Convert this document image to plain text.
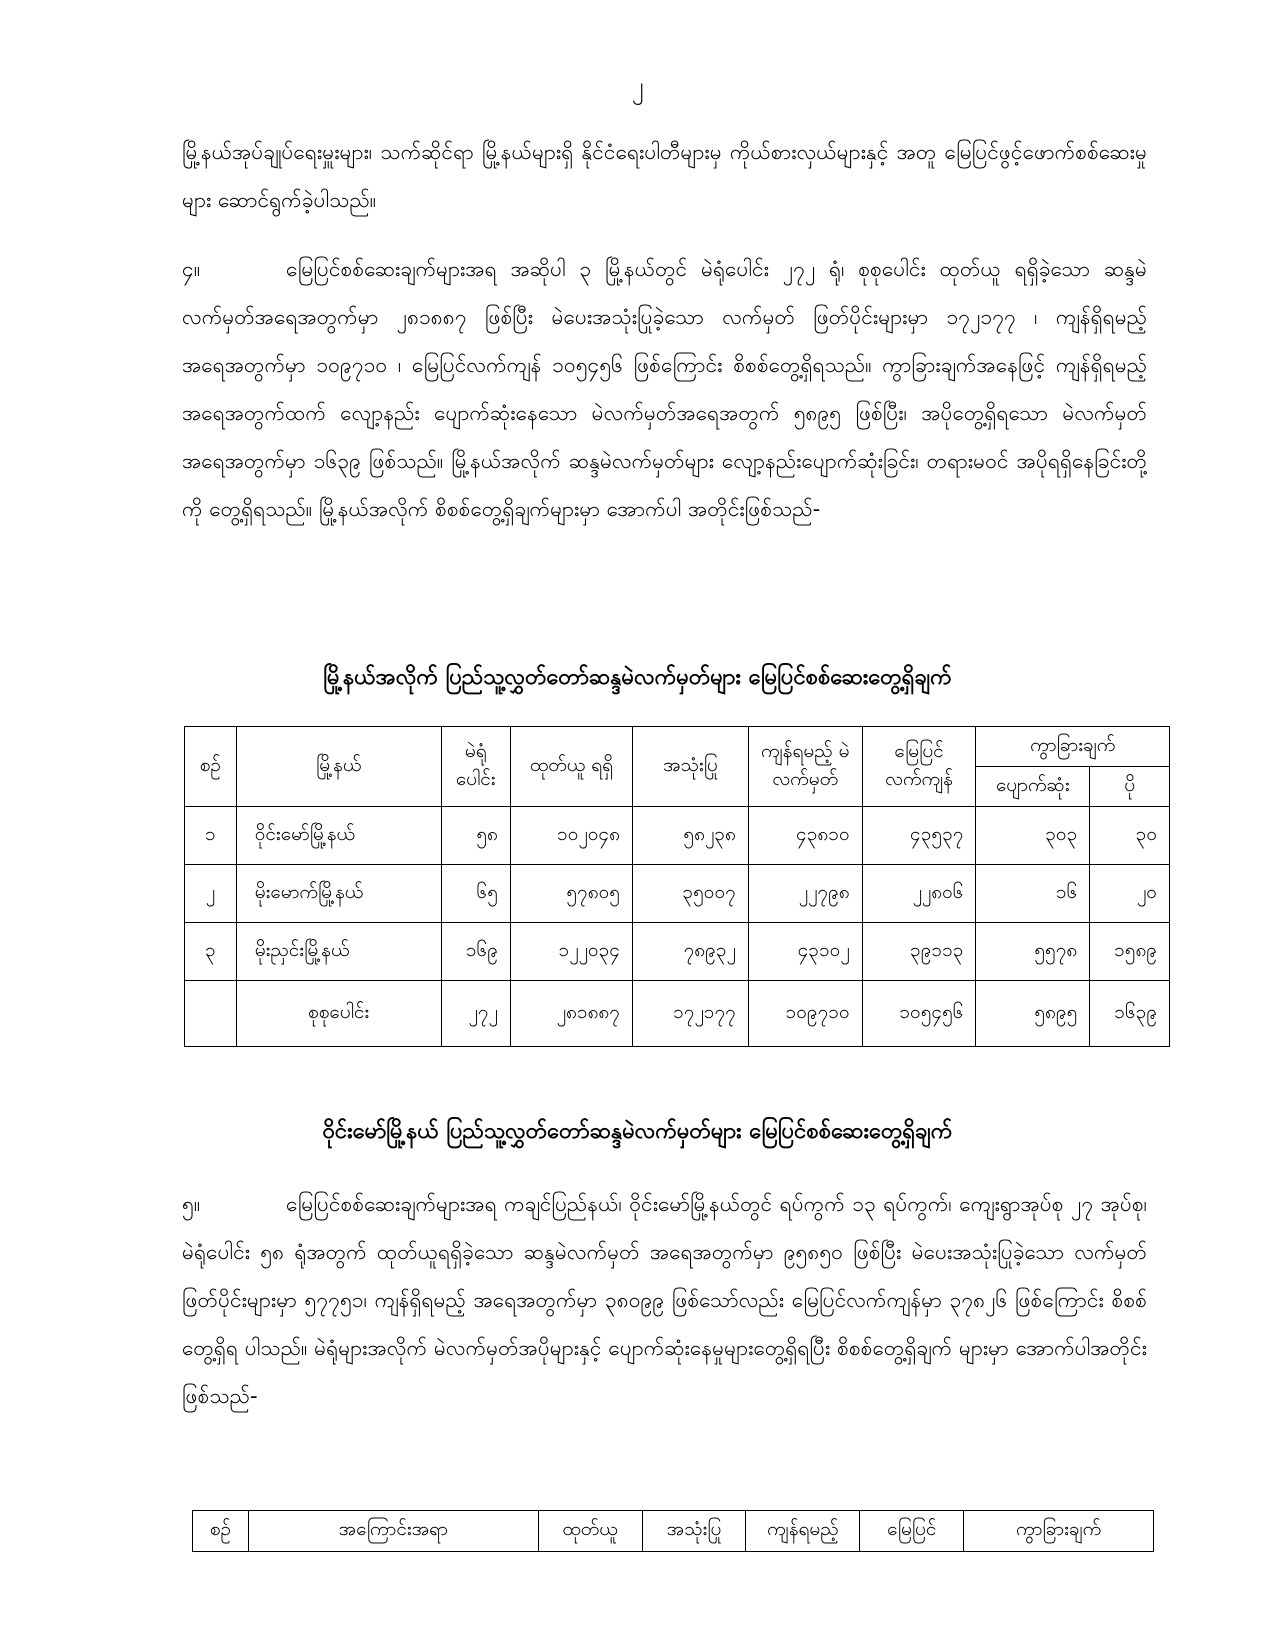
၂
မြို့နယ်အုပ်ချုပ်ရေးမှူးများ၊ သက်ဆိုင်ရာ မြို့နယ်များရှိ နိုင်ငံရေးပါတီများမှ ကိုယ်စားလှယ်များနှင့် အတူ မြေပြင်ဖွင့်ဖောက်စစ်ဆေးမှုများ ဆောင်ရွက်ခဲ့ပါသည်။
၄။	မြေပြင်စစ်ဆေးချက်များအရ အဆိုပါ ၃ မြို့နယ်တွင် မဲရုံပေါင်း ၂၇၂ ရုံ၊ စုစုပေါင်း ထုတ်ယူ ရရှိခဲ့သော ဆန္ဒမဲလက်မှတ်အရေအတွက်မှာ ၂၈၁၈၈၇ ဖြစ်ပြီး မဲပေးအသုံးပြုခဲ့သော လက်မှတ် ဖြတ်ပိုင်းများမှာ ၁၇၂၁၇၇ ၊ ကျန်ရှိရမည့်အရေအတွက်မှာ ၁၀၉၇၁၀ ၊ မြေပြင်လက်ကျန် ၁၀၅၄၅၆ ဖြစ်ကြောင်း စိစစ်တွေ့ရှိရသည်။ ကွာခြားချက်အနေဖြင့် ကျန်ရှိရမည့်အရေအတွက်ထက် လျော့နည်း ပျောက်ဆုံးနေသော မဲလက်မှတ်အရေအတွက် ၅၈၉၅ ဖြစ်ပြီး၊ အပိုတွေ့ရှိရသော မဲလက်မှတ် အရေအတွက်မှာ ၁၆၃၉ ဖြစ်သည်။ မြို့နယ်အလိုက် ဆန္ဒမဲလက်မှတ်များ လျော့နည်းပျောက်ဆုံးခြင်း၊ တရားမဝင် အပိုရရှိနေခြင်းတို့ကို တွေ့ရှိရသည်။ မြို့နယ်အလိုက် စိစစ်တွေ့ရှိချက်များမှာ အောက်ပါ အတိုင်းဖြစ်သည်-
မြို့နယ်အလိုက် ပြည်သူ့လွှတ်တော်ဆန္ဒမဲလက်မှတ်များ မြေပြင်စစ်ဆေးတွေ့ရှိချက်
စဉ်	မြို့နယ်	မဲရုံ ပေါင်း	ထုတ်ယူ ရရှိ	အသုံးပြု	ကျန်ရမည့် မဲလက်မှတ်	မြေပြင် လက်ကျန်	ကွာခြားချက်	
							ပျောက်ဆုံး	ပို
၁	ဝိုင်းမော်မြို့နယ်	၅၈	၁၀၂၀၄၈	၅၈၂၃၈	၄၃၈၁၀	၄၃၅၃၇	၃၀၃	၃၀
၂	မိုးမောက်မြို့နယ်	၆၅	၅၇၈၀၅	၃၅၀၀၇	၂၂၇၉၈	၂၂၈၀၆	၁၆	၂၀
၃	မိုးညှင်းမြို့နယ်	၁၆၉	၁၂၂၀၃၄	၇၈၉၃၂	၄၃၁၀၂	၃၉၁၁၃	၅၅၇၈	၁၅၈၉
	စုစုပေါင်း	၂၇၂	၂၈၁၈၈၇	၁၇၂၁၇၇	၁၀၉၇၁၀	၁၀၅၄၅၆	၅၈၉၅	၁၆၃၉
ဝိုင်းမော်မြို့နယ် ပြည်သူ့လွှတ်တော်ဆန္ဒမဲလက်မှတ်များ မြေပြင်စစ်ဆေးတွေ့ရှိချက်
၅။	မြေပြင်စစ်ဆေးချက်များအရ ကချင်ပြည်နယ်၊ ဝိုင်းမော်မြို့နယ်တွင် ရပ်ကွက် ၁၃ ရပ်ကွက်၊ ကျေးရွာအုပ်စု ၂၇ အုပ်စု၊ မဲရုံပေါင်း ၅၈ ရုံအတွက် ထုတ်ယူရရှိခဲ့သော ဆန္ဒမဲလက်မှတ် အရေအတွက်မှာ ၉၅၈၅၀ ဖြစ်ပြီး မဲပေးအသုံးပြုခဲ့သော လက်မှတ်ဖြတ်ပိုင်းများမှာ ၅၇၇၅၁၊ ကျန်ရှိရမည့် အရေအတွက်မှာ ၃၈၀၉၉ ဖြစ်သော်လည်း မြေပြင်လက်ကျန်မှာ ၃၇၈၂၆ ဖြစ်ကြောင်း စိစစ်တွေ့ရှိရ ပါသည်။ မဲရုံများအလိုက် မဲလက်မှတ်အပိုများနှင့် ပျောက်ဆုံးနေမှုများတွေ့ရှိရပြီး စိစစ်တွေ့ရှိချက် များမှာ အောက်ပါအတိုင်းဖြစ်သည်-
စဉ်	အကြောင်းအရာ	ထုတ်ယူ	အသုံးပြု	ကျန်ရမည့်	မြေပြင်	ကွာခြားချက်
